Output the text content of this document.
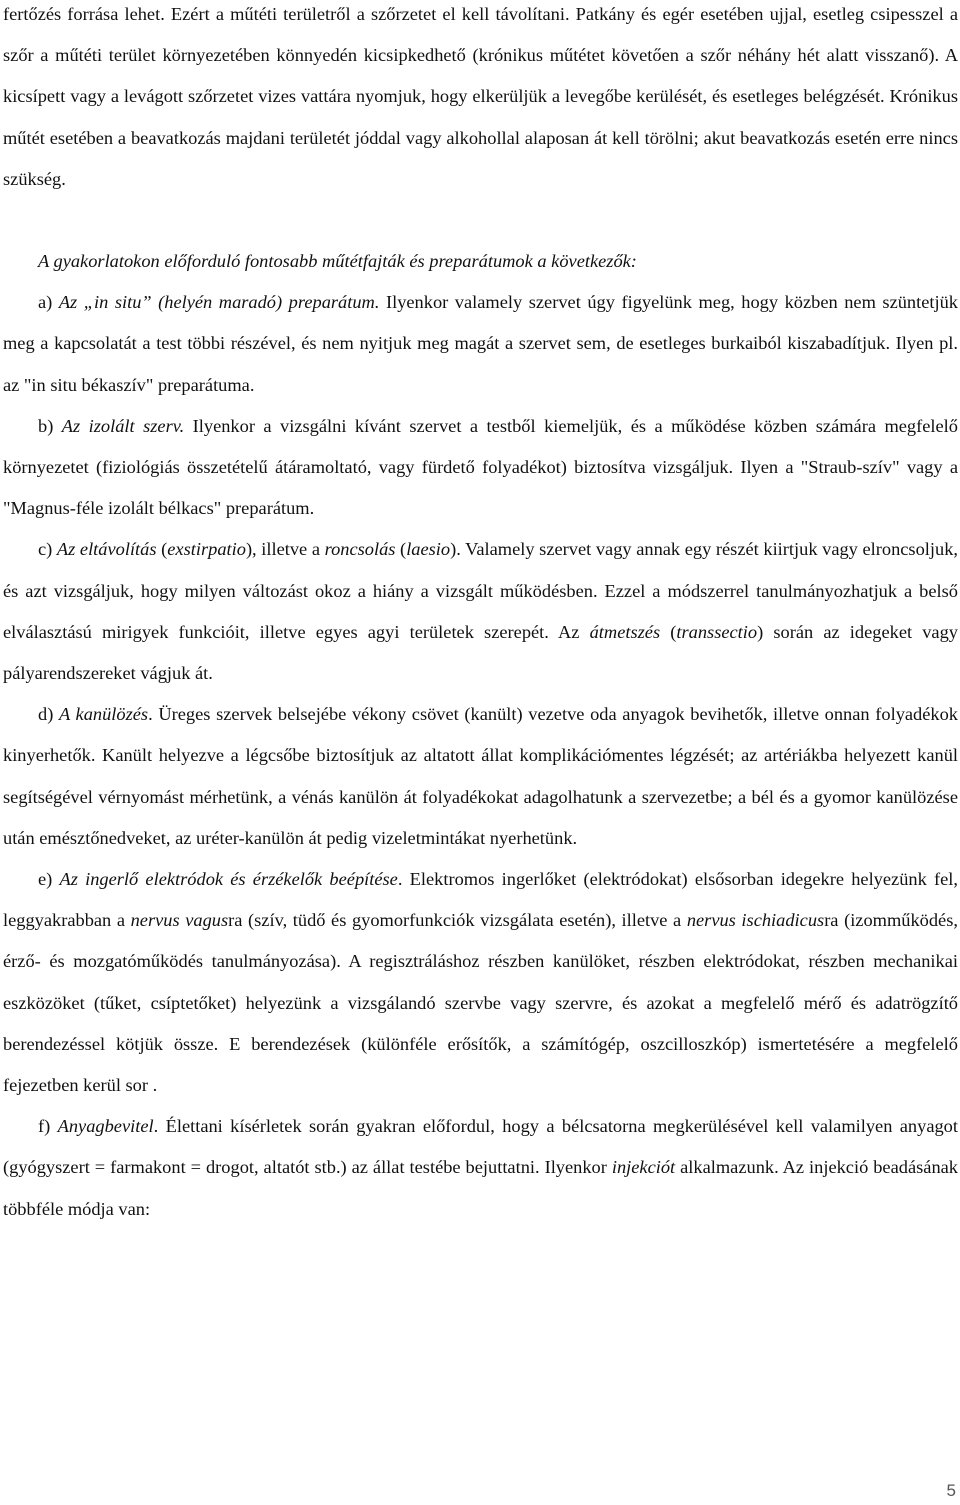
fertőzés forrása lehet. Ezért a műtéti területről a szőrzetet el kell távolítani. Patkány és egér esetében ujjal, esetleg csipesszel a szőr a műtéti terület környezetében könnyedén kicsipkedhető (krónikus műtétet követően a szőr néhány hét alatt visszanő). A kicsípett vagy a levágott szőrzetet vizes vattára nyomjuk, hogy elkerüljük a levegőbe kerülését, és esetleges belégzését. Krónikus műtét esetében a beavatkozás majdani területét jóddal vagy alkohollal alaposan át kell törölni; akut beavatkozás esetén erre nincs szükség.

A gyakorlatokon előforduló fontosabb műtétfajták és preparátumok a következők:

a) Az „in situ” (helyén maradó) preparátum. Ilyenkor valamely szervet úgy figyelünk meg, hogy közben nem szüntetjük meg a kapcsolatát a test többi részével, és nem nyitjuk meg magát a szervet sem, de esetleges burkaiból kiszabadítjuk. Ilyen pl. az "in situ békaszív" preparátuma.

b) Az izolált szerv. Ilyenkor a vizsgálni kívánt szervet a testből kiemeljük, és a működése közben számára megfelelő környezetet (fiziológiás összetételű átáramoltató, vagy fürdető folyadékot) biztosítva vizsgáljuk. Ilyen a "Straub-szív" vagy a "Magnus-féle izolált bélkacs" preparátum.

c) Az eltávolítás (exstirpatio), illetve a roncsolás (laesio). Valamely szervet vagy annak egy részét kiirtjuk vagy elroncsoljuk, és azt vizsgáljuk, hogy milyen változást okoz a hiány a vizsgált működésben. Ezzel a módszerrel tanulmányozhatjuk a belső elválasztású mirigyek funkcióit, illetve egyes agyi területek szerepét. Az átmetszés (transsectio) során az idegeket vagy pályarendszereket vágjuk át.

d) A kanülözés. Üreges szervek belsejébe vékony csövet (kanült) vezetve oda anyagok bevihetők, illetve onnan folyadékok kinyerhetők. Kanült helyezve a légcsőbe biztosítjuk az altatott állat komplikációmentes légzését; az artériákba helyezett kanül segítségével vérnyomást mérhetünk, a vénás kanülön át folyadékokat adagolhatunk a szervezetbe; a bél és a gyomor kanülözése után emésztőnedveket, az uréter-kanülön át pedig vizeletmintákat nyerhetünk.

e) Az ingerlő elektródok és érzékelők beépítése. Elektromos ingerlőket (elektródokat) elsősorban idegekre helyezünk fel, leggyakrabban a nervus vagusra (szív, tüdő és gyomorfunkciók vizsgálata esetén), illetve a nervus ischiadicusra (izomműködés, érző- és mozgatóműködés tanulmányozása). A regisztráláshoz részben kanülöket, részben elektródokat, részben mechanikai eszközöket (tűket, csíptetőket) helyezünk a vizsgálandó szervbe vagy szervre, és azokat a megfelelő mérő és adatrögzítő berendezéssel kötjük össze. E berendezések (különféle erősítők, a számítógép, oszcilloszkóp) ismertetésére a megfelelő fejezetben kerül sor .

f) Anyagbevitel. Élettani kísérletek során gyakran előfordul, hogy a bélcsatorna megkerülésével kell valamilyen anyagot (gyógyszert = farmakont = drogot, altatót stb.) az állat testébe bejuttatni. Ilyenkor injekciót alkalmazunk. Az injekció beadásának többféle módja van:

5
